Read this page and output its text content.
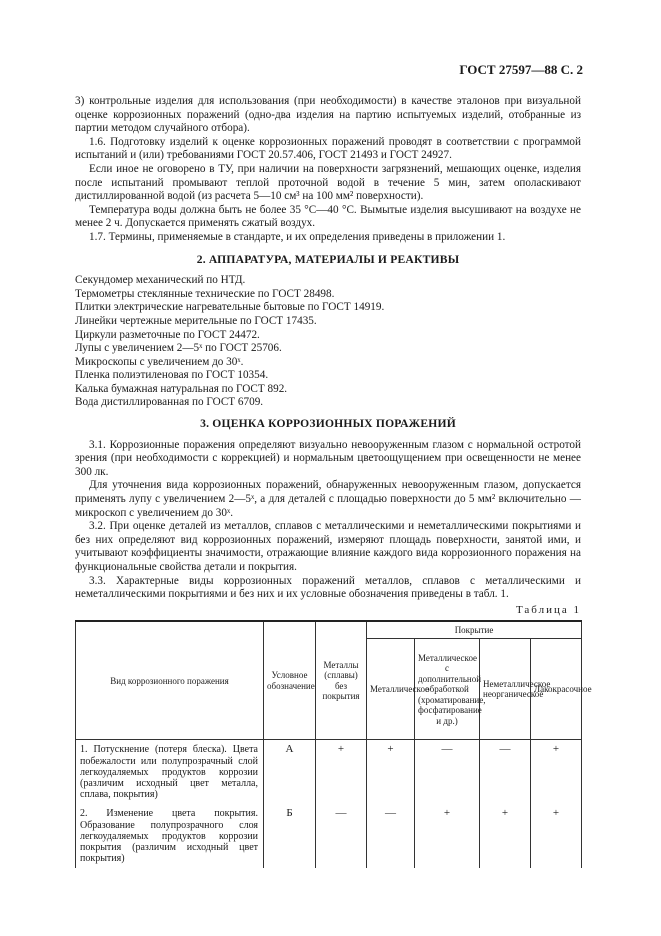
ГОСТ 27597—88 С. 2

3) контрольные изделия для использования (при необходимости) в качестве эталонов при визуальной оценке коррозионных поражений (одно-два изделия на партию испытуемых изделий, отобранные из партии методом случайного отбора).

1.6. Подготовку изделий к оценке коррозионных поражений проводят в соответствии с программой испытаний и (или) требованиями ГОСТ 20.57.406, ГОСТ 21493 и ГОСТ 24927.

Если иное не оговорено в ТУ, при наличии на поверхности загрязнений, мешающих оценке, изделия после испытаний промывают теплой проточной водой в течение 5 мин, затем ополаскивают дистиллированной водой (из расчета 5—10 см³ на 100 мм² поверхности).

Температура воды должна быть не более 35 °С—40 °С. Вымытые изделия высушивают на воздухе не менее 2 ч. Допускается применять сжатый воздух.

1.7. Термины, применяемые в стандарте, и их определения приведены в приложении 1.

2. АППАРАТУРА, МАТЕРИАЛЫ И РЕАКТИВЫ

Секундомер механический по НТД.

Термометры стеклянные технические по ГОСТ 28498.

Плитки электрические нагревательные бытовые по ГОСТ 14919.

Линейки чертежные мерительные по ГОСТ 17435.

Циркули разметочные по ГОСТ 24472.

Лупы с увеличением 2—5ˣ по ГОСТ 25706.

Микроскопы с увеличением до 30ˣ.

Пленка полиэтиленовая по ГОСТ 10354.

Калька бумажная натуральная по ГОСТ 892.

Вода дистиллированная по ГОСТ 6709.

3. ОЦЕНКА КОРРОЗИОННЫХ ПОРАЖЕНИЙ

3.1. Коррозионные поражения определяют визуально невооруженным глазом с нормальной остротой зрения (при необходимости с коррекцией) и нормальным цветоощущением при освещенности не менее 300 лк.

Для уточнения вида коррозионных поражений, обнаруженных невооруженным глазом, допускается применять лупу с увеличением 2—5ˣ, а для деталей с площадью поверхности до 5 мм² включительно — микроскоп с увеличением до 30ˣ.

3.2. При оценке деталей из металлов, сплавов с металлическими и неметаллическими покрытиями и без них определяют вид коррозионных поражений, измеряют площадь поверхности, занятой ими, и учитывают коэффициенты значимости, отражающие влияние каждого вида коррозионного поражения на функциональные свойства детали и покрытия.

3.3. Характерные виды коррозионных поражений металлов, сплавов с металлическими и неметаллическими покрытиями и без них и их условные обозначения приведены в табл. 1.

Таблица 1
Вид коррозионного поражения	Условное обозначение	Металлы (сплавы) без покрытия	Покрытие			
			Металлическое	Металлическое с дополнительной обработкой (хроматирование, фосфатирование и др.)	Неметаллическое неорганическое	Лакокрасочное
1. Потускнение (потеря блеска). Цвета побежалости или полупрозрачный слой легкоудаляемых продуктов коррозии (различим исходный цвет металла, сплава, покрытия)	А	+	+	—	—	+
2. Изменение цвета покрытия. Образование полупрозрачного слоя легкоудаляемых продуктов коррозии покрытия (различим исходный цвет покрытия)	Б	—	—	+	+	+
